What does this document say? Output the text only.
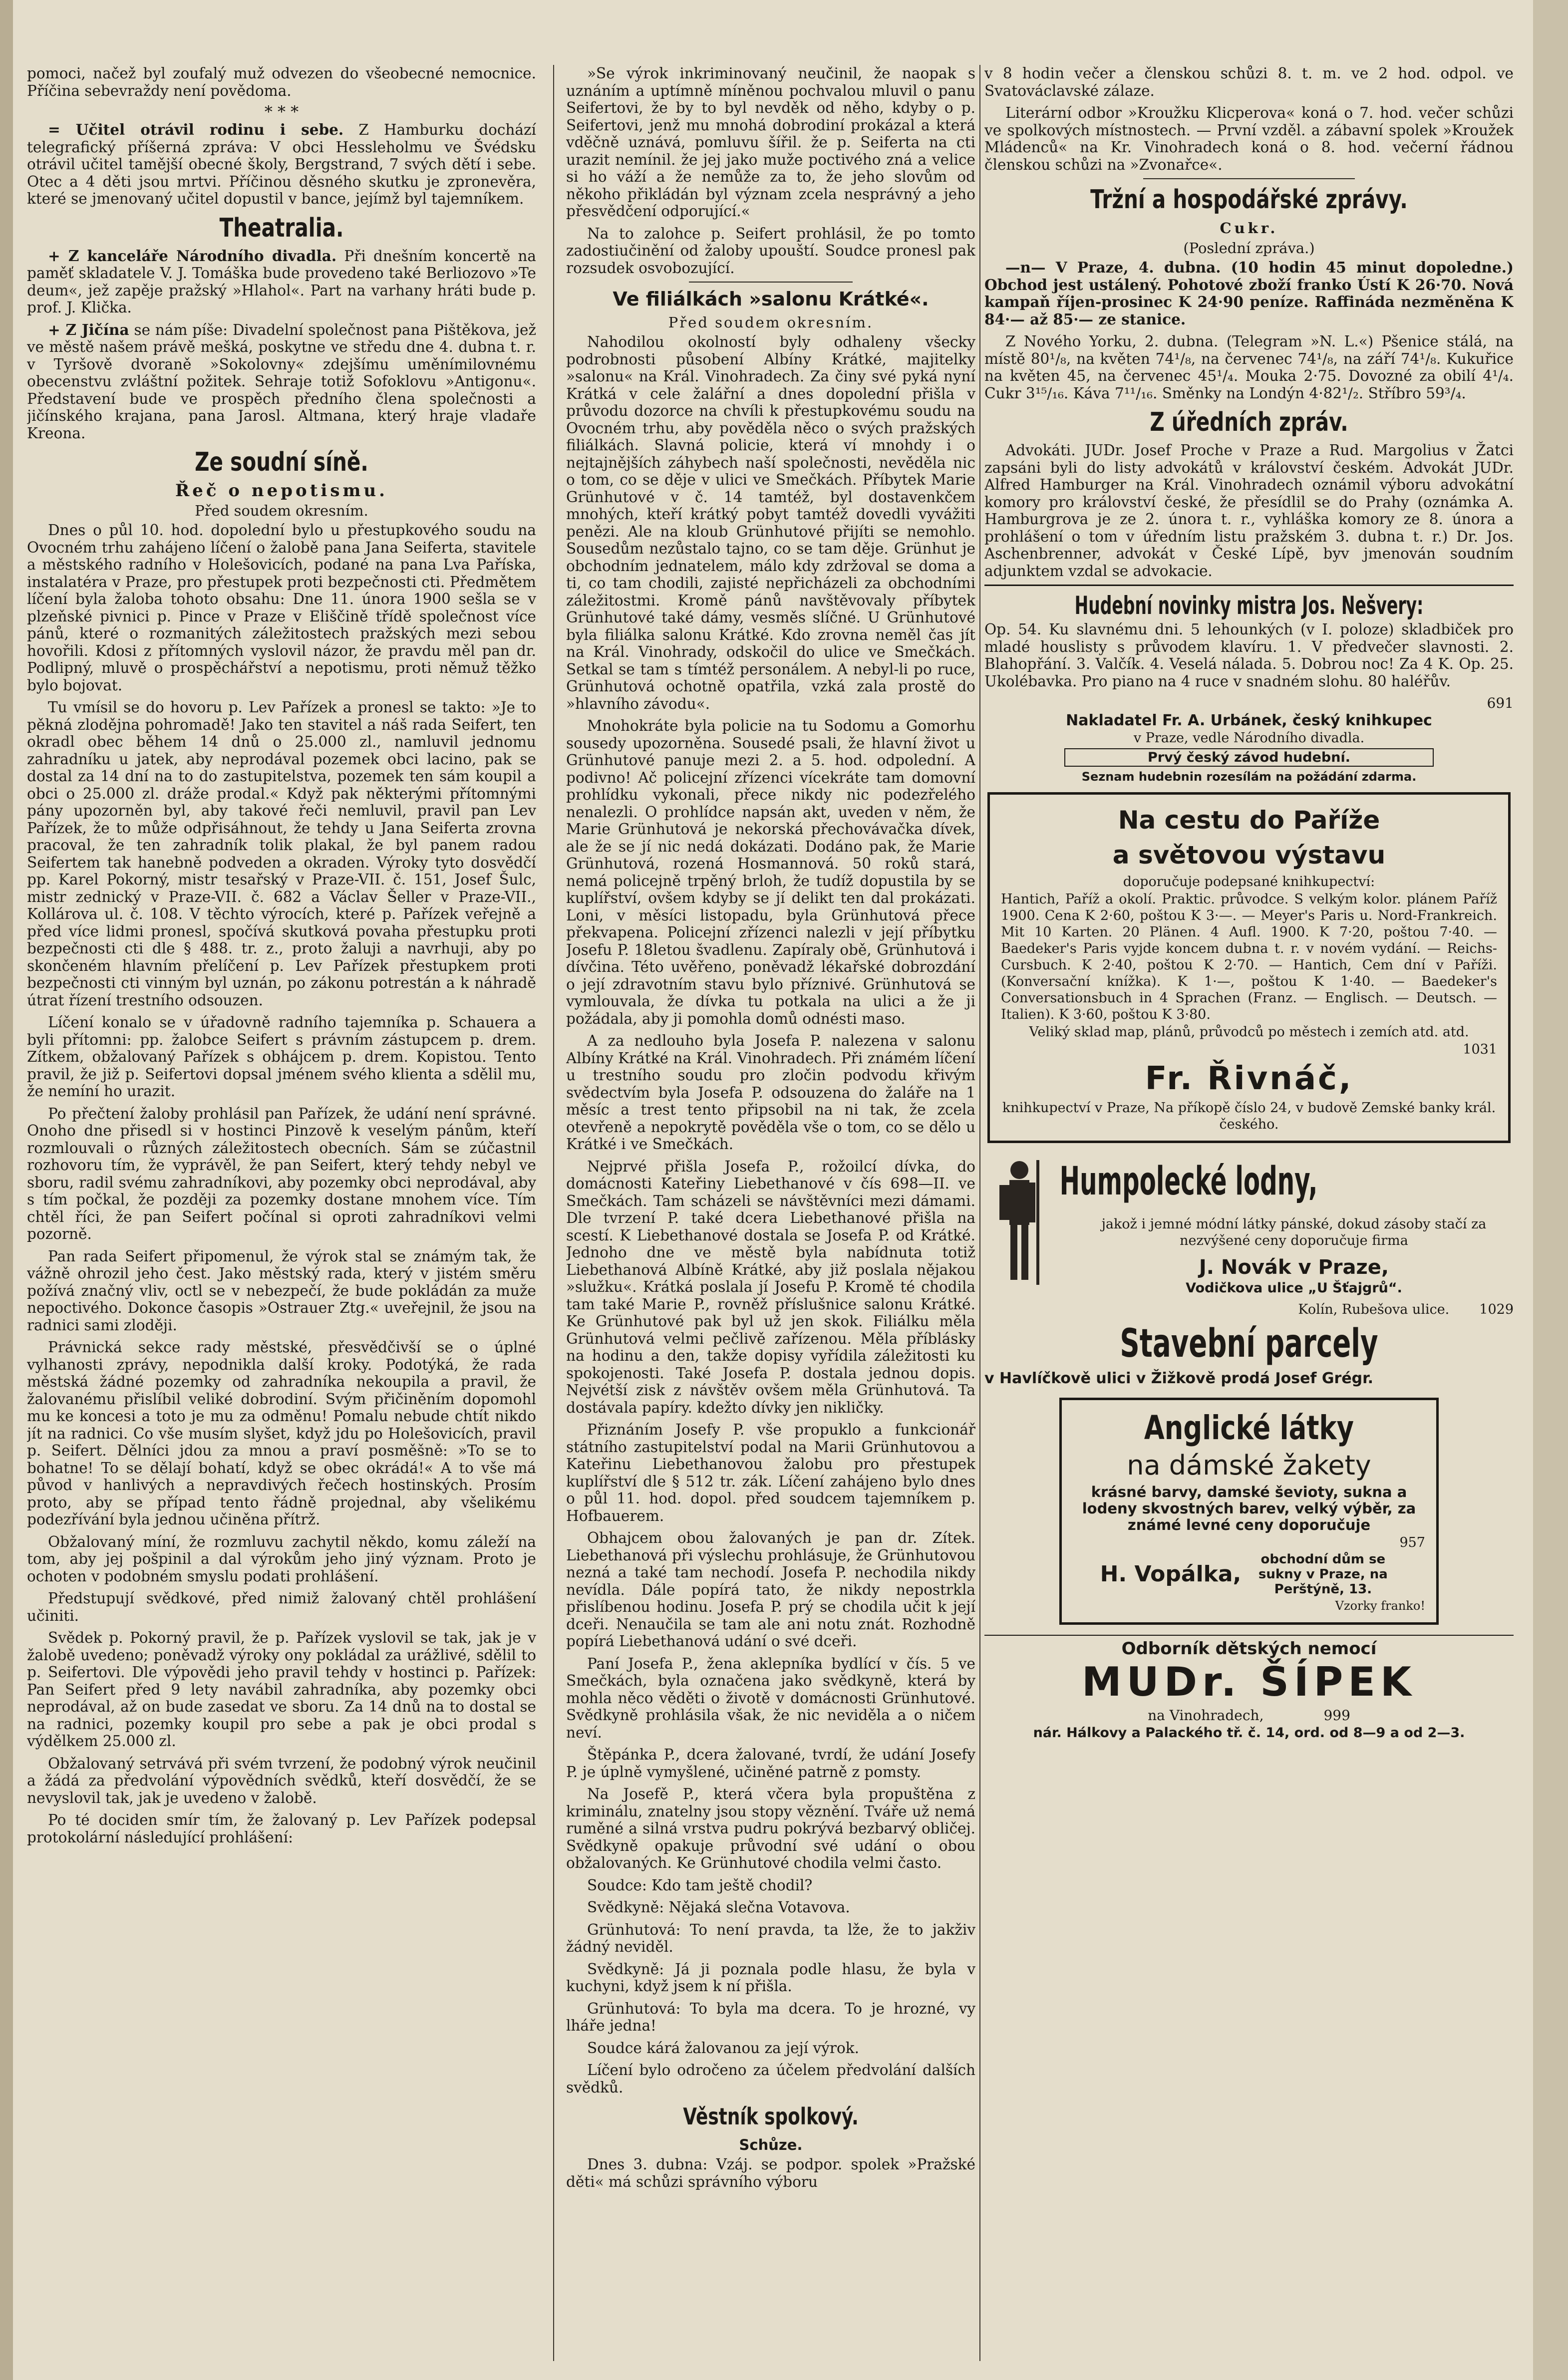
pomoci, načež byl zoufalý muž odvezen do všeobecné nemocnice. Příčina sebevraždy není povědoma.

* * *

= Učitel otrávil rodinu i sebe. Z Hamburku dochází telegrafický příšerná zpráva: V obci Hessleholmu ve Švédsku otrávil učitel tamější obecné školy, Bergstrand, 7 svých dětí i sebe. Otec a 4 děti jsou mrtvi. Příčinou děsného skutku je zpronevěra, které se jmenovaný učitel dopustil v bance, jejímž byl tajemníkem.

Theatralia.

+ Z kanceláře Národního divadla. Při dnešním koncertě na paměť skladatele V. J. Tomáška bude provedeno také Berliozovo »Te deum«, jež zapěje pražský »Hlahol«. Part na varhany hráti bude p. prof. J. Klička.

+ Z Jičína se nám píše: Divadelní společnost pana Pištěkova, jež ve městě našem právě mešká, poskytne ve středu dne 4. dubna t. r. v Tyršově dvoraně »Sokolovny« zdejšímu uměnímilovnému obecenstvu zvláštní požitek. Sehraje totiž Sofoklovu »Antigonu«. Představení bude ve prospěch předního člena společnosti a jičínského krajana, pana Jarosl. Altmana, který hraje vladaře Kreona.

Ze soudní síně.
Řeč o nepotismu.
Před soudem okresním.

Dnes o půl 10. hod. dopolední bylo u přestupkového soudu na Ovocném trhu zahájeno líčení o žalobě pana Jana Seiferta, stavitele a městského radního v Holešovicích, podané na pana Lva Paříska, instalatéra v Praze, pro přestupek proti bezpečnosti cti. Předmětem líčení byla žaloba tohoto obsahu: Dne 11. února 1900 sešla se v plzeňské pivnici p. Pince v Praze v Eliščině třídě společnost více pánů, které o rozmanitých záležitostech pražských mezi sebou hovořili. Kdosi z přítomných vyslovil názor, že pravdu měl pan dr. Podlipný, mluvě o prospěchářství a nepotismu, proti němuž těžko bylo bojovat.

Tu vmísil se do hovoru p. Lev Pařízek a pronesl se takto: »Je to pěkná zlodějna pohromadě! Jako ten stavitel a náš rada Seifert, ten okradl obec během 14 dnů o 25.000 zl., namluvil jednomu zahradníku u jatek, aby neprodával pozemek obci lacino, pak se dostal za 14 dní na to do zastupitelstva, pozemek ten sám koupil a obci o 25.000 zl. dráže prodal.« Když pak některými přítomnými pány upozorněn byl, aby takové řeči nemluvil, pravil pan Lev Pařízek, že to může odpřisáhnout, že tehdy u Jana Seiferta zrovna pracoval, že ten zahradník tolik plakal, že byl panem radou Seifertem tak hanebně podveden a okraden. Výroky tyto dosvědčí pp. Karel Pokorný, mistr tesařský v Praze-VII. č. 151, Josef Šulc, mistr zednický v Praze-VII. č. 682 a Václav Šeller v Praze-VII., Kollárova ul. č. 108. V těchto výrocích, které p. Pařízek veřejně a před více lidmi pronesl, spočívá skutková povaha přestupku proti bezpečnosti cti dle § 488. tr. z., proto žaluji a navrhuji, aby po skončeném hlavním přelíčení p. Lev Pařízek přestupkem proti bezpečnosti cti vinným byl uznán, po zákonu potrestán a k náhradě útrat řízení trestního odsouzen.

Líčení konalo se v úřadovně radního tajemníka p. Schauera a byli přítomni: pp. žalobce Seifert s právním zástupcem p. drem. Zítkem, obžalovaný Pařízek s obhájcem p. drem. Kopistou. Tento pravil, že již p. Seifertovi dopsal jménem svého klienta a sdělil mu, že nemíní ho urazit.

Po přečtení žaloby prohlásil pan Pařízek, že udání není správné. Onoho dne přisedl si v hostinci Pinzově k veselým pánům, kteří rozmlouvali o různých záležitostech obecních. Sám se zúčastnil rozhovoru tím, že vyprávěl, že pan Seifert, který tehdy nebyl ve sboru, radil svému zahradníkovi, aby pozemky obci neprodával, aby s tím počkal, že později za pozemky dostane mnohem více. Tím chtěl říci, že pan Seifert počínal si oproti zahradníkovi velmi pozorně.

Pan rada Seifert připomenul, že výrok stal se známým tak, že vážně ohrozil jeho čest. Jako městský rada, který v jistém směru požívá značný vliv, octl se v nebezpečí, že bude pokládán za muže nepoctivého. Dokonce časopis »Ostrauer Ztg.« uveřejnil, že jsou na radnici sami zloději.

Právnická sekce rady městské, přesvědčivší se o úplné vylhanosti zprávy, nepodnikla další kroky. Podotýká, že rada městská žádné pozemky od zahradníka nekoupila a pravil, že žalovanému přislíbil veliké dobrodiní. Svým přičiněním dopomohl mu ke koncesi a toto je mu za odměnu! Pomalu nebude chtít nikdo jít na radnici. Co vše musím slyšet, když jdu po Holešovicích, pravil p. Seifert. Dělníci jdou za mnou a praví posměšně: »To se to bohatne! To se dělají bohatí, když se obec okrádá!« A to vše má původ v hanlivých a nepravdivých řečech hostinských. Prosím proto, aby se případ tento řádně projednal, aby všelikému podezřívání byla jednou učiněna přítrž.

Obžalovaný míní, že rozmluvu zachytil někdo, komu záleží na tom, aby jej pošpinil a dal výrokům jeho jiný význam. Proto je ochoten v podobném smyslu podati prohlášení.

Předstupují svědkové, před nimiž žalovaný chtěl prohlášení učiniti.

Svědek p. Pokorný pravil, že p. Pařízek vyslovil se tak, jak je v žalobě uvedeno; poněvadž výroky ony pokládal za urážlivé, sdělil to p. Seifertovi. Dle výpovědi jeho pravil tehdy v hostinci p. Pařízek: Pan Seifert před 9 lety navábil zahradníka, aby pozemky obci neprodával, až on bude zasedat ve sboru. Za 14 dnů na to dostal se na radnici, pozemky koupil pro sebe a pak je obci prodal s výdělkem 25.000 zl.

Obžalovaný setrvává při svém tvrzení, že podobný výrok neučinil a žádá za předvolání výpovědních svědků, kteří dosvědčí, že se nevyslovil tak, jak je uvedeno v žalobě.

Po té dociden smír tím, že žalovaný p. Lev Pařízek podepsal protokolární následující prohlášení:

»Se výrok inkriminovaný neučinil, že naopak s uznáním a uptímně míněnou pochvalou mluvil o panu Seifertovi, že by to byl nevděk od něho, kdyby o p. Seifertovi, jenž mu mnohá dobrodiní prokázal a která vděčně uznává, pomluvu šířil. že p. Seiferta na cti urazit nemínil. že jej jako muže poctivého zná a velice si ho váží a že nemůže za to, že jeho slovům od někoho přikládán byl význam zcela nesprávný a jeho přesvědčení odporující.«

Na to zalohce p. Seifert prohlásil, že po tomto zadostiučinění od žaloby upouští. Soudce pronesl pak rozsudek osvobozující.

Ve filiálkách »salonu Krátké«.
Před soudem okresním.

Nahodilou okolností byly odhaleny všecky podrobnosti působení Albíny Krátké, majitelky »salonu« na Král. Vinohradech. Za činy své pyká nyní Krátká v cele žalářní a dnes dopolední přišla v průvodu dozorce na chvíli k přestupkovému soudu na Ovocném trhu, aby pověděla něco o svých pražských filiálkách. Slavná policie, která ví mnohdy i o nejtajnějších záhybech naší společnosti, nevěděla nic o tom, co se děje v ulici ve Smečkách. Příbytek Marie Grünhutové v č. 14 tamtéž, byl dostavenkčem mnohých, kteří krátký pobyt tamtéž dovedli vyvážiti penězi. Ale na kloub Grünhutové přijíti se nemohlo. Sousedům nezůstalo tajno, co se tam děje. Grünhut je obchodním jednatelem, málo kdy zdržoval se doma a ti, co tam chodili, zajisté nepřicházeli za obchodními záležitostmi. Kromě pánů navštěvovaly příbytek Grünhutové také dámy, vesměs slíčné. U Grünhutové byla filiálka salonu Krátké. Kdo zrovna neměl čas jít na Král. Vinohrady, odskočil do ulice ve Smečkách. Setkal se tam s tímtéž personálem. A nebyl-li po ruce, Grünhutová ochotně opatřila, vzká zala prostě do »hlavního závodu«.

Mnohokráte byla policie na tu Sodomu a Gomorhu sousedy upozorněna. Sousedé psali, že hlavní život u Grünhutové panuje mezi 2. a 5. hod. odpolední. A podivno! Ač policejní zřízenci vícekráte tam domovní prohlídku vykonali, přece nikdy nic podezřelého nenalezli. O prohlídce napsán akt, uveden v něm, že Marie Grünhutová je nekorská přechovávačka dívek, ale že se jí nic nedá dokázati. Dodáno pak, že Marie Grünhutová, rozená Hosmannová. 50 roků stará, nemá policejně trpěný brloh, že tudíž dopustila by se kuplířství, ovšem kdyby se jí delikt ten dal prokázati. Loni, v měsíci listopadu, byla Grünhutová přece překvapena. Policejní zřízenci nalezli v její příbytku Josefu P. 18letou švadlenu. Zapíraly obě, Grünhutová i dívčina. Této uvěřeno, poněvadž lékařské dobrozdání o její zdravotním stavu bylo příznivé. Grünhutová se vymlouvala, že dívka tu potkala na ulici a že ji požádala, aby ji pomohla domů odnésti maso.

A za nedlouho byla Josefa P. nalezena v salonu Albíny Krátké na Král. Vinohradech. Při známém líčení u trestního soudu pro zločin podvodu křivým svědectvím byla Josefa P. odsouzena do žaláře na 1 měsíc a trest tento připsobil na ni tak, že zcela otevřeně a nepokrytě pověděla vše o tom, co se dělo u Krátké i ve Smečkách.

Nejprvé přišla Josefa P., rožoilcí dívka, do domácnosti Kateřiny Liebethanové v čís 698—II. ve Smečkách. Tam scházeli se návštěvníci mezi dámami. Dle tvrzení P. také dcera Liebethanové přišla na scestí. K Liebethanové dostala se Josefa P. od Krátké. Jednoho dne ve městě byla nabídnuta totiž Liebethanová Albíně Krátké, aby již poslala nějakou »služku«. Krátká poslala jí Josefu P. Kromě té chodila tam také Marie P., rovněž příslušnice salonu Krátké. Ke Grünhutové pak byl už jen skok. Filiálku měla Grünhutová velmi pečlivě zařízenou. Měla příblásky na hodinu a den, takže dopisy vyřídila záležitosti ku spokojenosti. Také Josefa P. dostala jednou dopis. Nejvétší zisk z návštěv ovšem měla Grünhutová. Ta dostávala papíry. kdežto dívky jen nikličky.

Přiznáním Josefy P. vše propuklo a funkcionář státního zastupitelství podal na Marii Grünhutovou a Kateřinu Liebethanovou žalobu pro přestupek kuplířství dle § 512 tr. zák. Líčení zahájeno bylo dnes o půl 11. hod. dopol. před soudcem tajemníkem p. Hofbauerem.

Obhajcem obou žalovaných je pan dr. Zítek. Liebethanová při výslechu prohlásuje, že Grünhutovou nezná a také tam nechodí. Josefa P. nechodila nikdy nevídla. Dále popírá tato, že nikdy nepostrkla přislíbenou hodinu. Josefa P. prý se chodila učit k její dceři. Nenaučila se tam ale ani notu znát. Rozhodně popírá Liebethanová udání o své dceři.

Paní Josefa P., žena aklepníka bydlící v čís. 5 ve Smečkách, byla označena jako svědkyně, která by mohla něco věděti o životě v domácnosti Grünhutové. Svědkyně prohlásila však, že nic neviděla a o ničem neví.

Štěpánka P., dcera žalované, tvrdí, že udání Josefy P. je úplně vymyšlené, učiněné patrně z pomsty.

Na Josefě P., která včera byla propuštěna z kriminálu, znatelny jsou stopy věznění. Tváře už nemá ruměné a silná vrstva pudru pokrývá bezbarvý obličej. Svědkyně opakuje průvodní své udání o obou obžalovaných. Ke Grünhutové chodila velmi často.

Soudce: Kdo tam ještě chodil?

Svědkyně: Nějaká slečna Votavova.

Grünhutová: To není pravda, ta lže, že to jakživ žádný neviděl.

Svědkyně: Já ji poznala podle hlasu, že byla v kuchyni, když jsem k ní přišla.

Grünhutová: To byla ma dcera. To je hrozné, vy lháře jedna!

Soudce kárá žalovanou za její výrok.

Líčení bylo odročeno za účelem předvolání dalších svědků.

Věstník spolkový.
Schůze.

Dnes 3. dubna: Vzáj. se podpor. spolek »Pražské děti« má schůzi správního výboru

v 8 hodin večer a členskou schůzi 8. t. m. ve 2 hod. odpol. ve Svatováclavské zálaze.

Literární odbor »Kroužku Klicperova« koná o 7. hod. večer schůzi ve spolkových místnostech. — První vzděl. a zábavní spolek »Kroužek Mládenců« na Kr. Vinohradech koná o 8. hod. večerní řádnou členskou schůzi na »Zvonařce«.

Tržní a hospodářské zprávy.
Cukr.
(Poslední zpráva.)

—n— V Praze, 4. dubna. (10 hodin 45 minut dopoledne.) Obchod jest ustálený. Pohotové zboží franko Ústí K 26·70. Nová kampaň říjen-prosinec K 24·90 peníze. Raffináda nezměněna K 84·— až 85·— ze stanice.

Z Nového Yorku, 2. dubna. (Telegram »N. L.«) Pšenice stálá, na místě 80¹/₈, na květen 74¹/₈, na červenec 74¹/₈, na září 74¹/₈. Kukuřice na květen 45, na červenec 45¹/₄. Mouka 2·75. Dovozné za obilí 4¹/₄. Cukr 3¹⁵/₁₆. Káva 7¹¹/₁₆. Směnky na Londýn 4·82¹/₂. Stříbro 59³/₄.

Z úředních zpráv.

Advokáti. JUDr. Josef Proche v Praze a Rud. Margolius v Žatci zapsáni byli do listy advokátů v království českém. Advokát JUDr. Alfred Hamburger na Král. Vinohradech oznámil výboru advokátní komory pro království české, že přesídlil se do Prahy (oznámka A. Hamburgrova je ze 2. února t. r., vyhláška komory ze 8. února a prohlášení o tom v úředním listu pražském 3. dubna t. r.) Dr. Jos. Aschenbrenner, advokát v České Lípě, byv jmenován soudním adjunktem vzdal se advokacie.

Hudební novinky mistra Jos. Nešvery:

Op. 54. Ku slavnému dni. 5 lehounkých (v I. poloze) skladbiček pro mladé houslisty s průvodem klavíru. 1. V předvečer slavnosti. 2. Blahopřání. 3. Valčík. 4. Veselá nálada. 5. Dobrou noc! Za 4 K. Op. 25. Ukolébavka. Pro piano na 4 ruce v snadném slohu. 80 haléřův.

691
Nakladatel Fr. A. Urbánek, český knihkupec
v Praze, vedle Národního divadla.
Prvý český závod hudební.
Seznam hudebnin rozesílám na požádání zdarma.
Na cestu do Paříže
a světovou výstavu
doporučuje podepsané knihkupectví:
Hantich, Paříž a okolí. Praktic. průvodce. S velkým kolor. plánem Paříž 1900. Cena K 2·60, poštou K 3·—. — Meyer's Paris u. Nord-Frankreich. Mit 10 Karten. 20 Plänen. 4 Aufl. 1900. K 7·20, poštou 7·40. — Baedeker's Paris vyjde koncem dubna t. r. v novém vydání. — Reichs-Cursbuch. K 2·40, poštou K 2·70. — Hantich, Cem dní v Paříži. (Konversační knížka). K 1·—, poštou K 1·40. — Baedeker's Conversationsbuch in 4 Sprachen (Franz. — Englisch. — Deutsch. — Italien). K 3·60, poštou K 3·80.
Veliký sklad map, plánů, průvodců po městech i zemích atd. atd.
1031
Fr. Řivnáč,
knihkupectví v Praze, Na příkopě číslo 24, v budově Zemské banky král. českého.
Humpolecké lodny,
jakož i jemné módní látky pánské, dokud zásoby stačí za nezvýšené ceny doporučuje firma
J. Novák v Praze,
Vodičkova ulice „U Šťajgrů“.
Kolín, Rubešova ulice. 1029
Stavební parcely

v Havlíčkově ulici v Žižkově prodá Josef Grégr.

Anglické látky
na dámské žakety
krásné barvy, damské ševioty, sukna a lodeny skvostných barev, velký výběr, za známé levné ceny doporučuje
957
H. Vopálka,
obchodní dům se sukny v Praze, na Perštýně, 13.
Vzorky franko!
Odborník dětských nemocí
MUDr. ŠÍPEK
na Vinohradech,	999
nár. Hálkovy a Palackého tř. č. 14, ord. od 8—9 a od 2—3.
